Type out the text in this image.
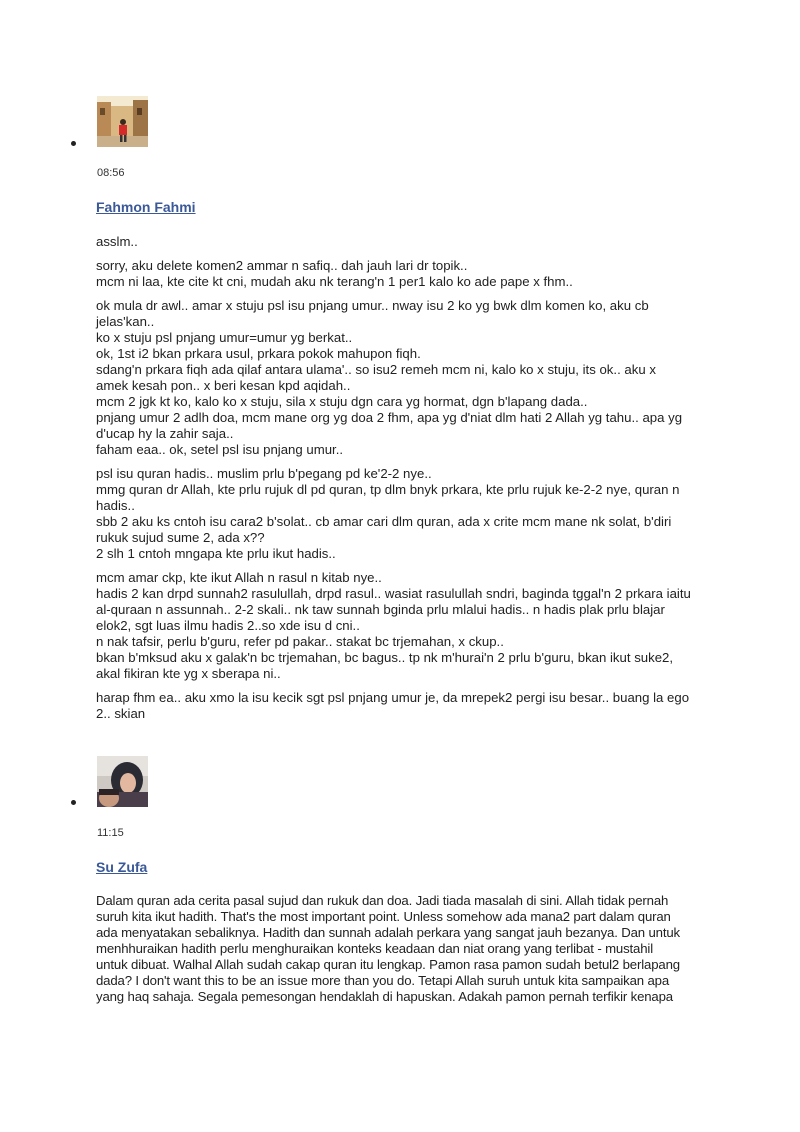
08:56
Fahmon Fahmi

asslm..

sorry, aku delete komen2 ammar n safiq.. dah jauh lari dr topik..
mcm ni laa, kte cite kt cni, mudah aku nk terang'n 1 per1 kalo ko ade pape x fhm..

ok mula dr awl.. amar x stuju psl isu pnjang umur.. nway isu 2 ko yg bwk dlm komen ko, aku cb
jelas'kan..
ko x stuju psl pnjang umur=umur yg berkat..
ok, 1st i2 bkan prkara usul, prkara pokok mahupon fiqh.
sdang'n prkara fiqh ada qilaf antara ulama'.. so isu2 remeh mcm ni, kalo ko x stuju, its ok.. aku x
amek kesah pon.. x beri kesan kpd aqidah..
mcm 2 jgk kt ko, kalo ko x stuju, sila x stuju dgn cara yg hormat, dgn b'lapang dada..
pnjang umur 2 adlh doa, mcm mane org yg doa 2 fhm, apa yg d'niat dlm hati 2 Allah yg tahu.. apa yg
d'ucap hy la zahir saja..
faham eaa.. ok, setel psl isu pnjang umur..

psl isu quran hadis.. muslim prlu b'pegang pd ke'2-2 nye..
mmg quran dr Allah, kte prlu rujuk dl pd quran, tp dlm bnyk prkara, kte prlu rujuk ke-2-2 nye, quran n
hadis..
sbb 2 aku ks cntoh isu cara2 b'solat.. cb amar cari dlm quran, ada x crite mcm mane nk solat, b'diri
rukuk sujud sume 2, ada x??
2 slh 1 cntoh mngapa kte prlu ikut hadis..

mcm amar ckp, kte ikut Allah n rasul n kitab nye..
hadis 2 kan drpd sunnah2 rasulullah, drpd rasul.. wasiat rasulullah sndri, baginda tggal'n 2 prkara iaitu
al-quraan n assunnah.. 2-2 skali.. nk taw sunnah bginda prlu mlalui hadis.. n hadis plak prlu blajar
elok2, sgt luas ilmu hadis 2..so xde isu d cni..
n nak tafsir, perlu b'guru, refer pd pakar.. stakat bc trjemahan, x ckup..
bkan b'mksud aku x galak'n bc trjemahan, bc bagus.. tp nk m'hurai'n 2 prlu b'guru, bkan ikut suke2,
akal fikiran kte yg x sberapa ni..

harap fhm ea.. aku xmo la isu kecik sgt psl pnjang umur je, da mrepek2 pergi isu besar.. buang la ego
2.. skian

11:15
Su Zufa

Dalam quran ada cerita pasal sujud dan rukuk dan doa. Jadi tiada masalah di sini. Allah tidak pernah
suruh kita ikut hadith. That's the most important point. Unless somehow ada mana2 part dalam quran
ada menyatakan sebaliknya. Hadith dan sunnah adalah perkara yang sangat jauh bezanya. Dan untuk
menhhuraikan hadith perlu menghuraikan konteks keadaan dan niat orang yang terlibat - mustahil
untuk dibuat. Walhal Allah sudah cakap quran itu lengkap. Pamon rasa pamon sudah betul2 berlapang
dada? I don't want this to be an issue more than you do. Tetapi Allah suruh untuk kita sampaikan apa
yang haq sahaja. Segala pemesongan hendaklah di hapuskan. Adakah pamon pernah terfikir kenapa
